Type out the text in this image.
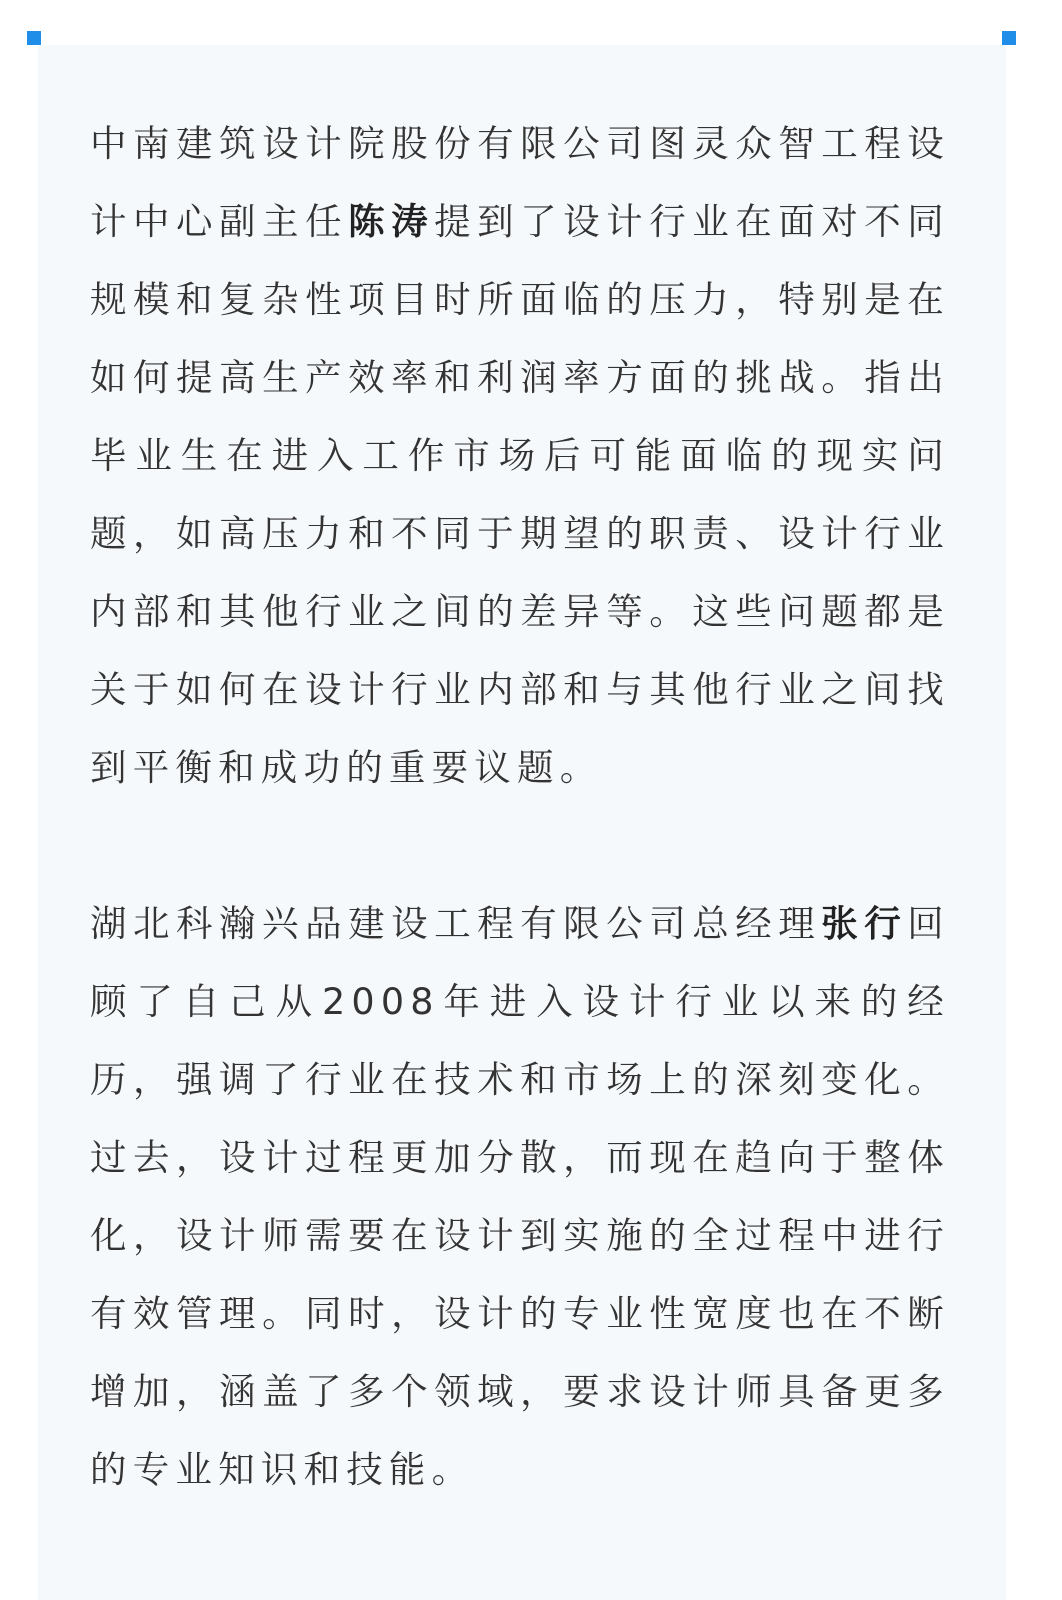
中南建筑设计院股份有限公司图灵众智工程设计中心副主任陈涛提到了设计行业在面对不同规模和复杂性项目时所面临的压力，特别是在如何提高生产效率和利润率方面的挑战。指出毕业生在进入工作市场后可能面临的现实问题，如高压力和不同于期望的职责、设计行业内部和其他行业之间的差异等。这些问题都是关于如何在设计行业内部和与其他行业之间找到平衡和成功的重要议题。

湖北科瀚兴品建设工程有限公司总经理张行回顾了自己从2008年进入设计行业以来的经历，强调了行业在技术和市场上的深刻变化。过去，设计过程更加分散，而现在趋向于整体化，设计师需要在设计到实施的全过程中进行有效管理。同时，设计的专业性宽度也在不断增加，涵盖了多个领域，要求设计师具备更多的专业知识和技能。
